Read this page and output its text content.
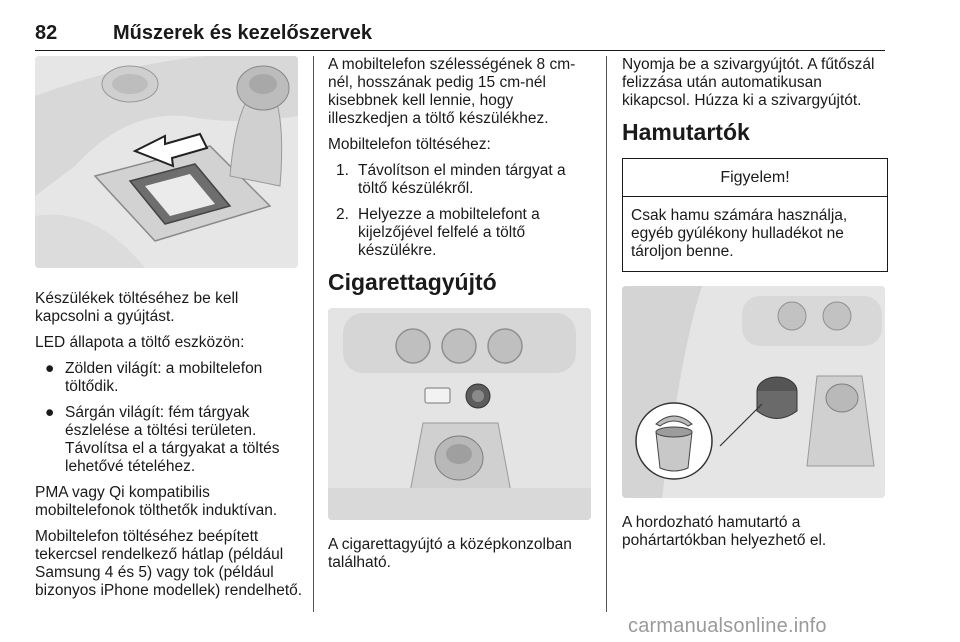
82	Műszerek és kezelőszervek

Készülékek töltéséhez be kell kapcsolni a gyújtást.

LED állapota a töltő eszközön:

● Zölden világít: a mobiltelefon töltődik.
● Sárgán világít: fém tárgyak észlelése a töltési területen. Távolítsa el a tárgyakat a töltés lehetővé tételéhez.

PMA vagy Qi kompatibilis mobiltelefonok tölthetők induktívan.

Mobiltelefon töltéséhez beépített tekercsel rendelkező hátlap (például Samsung 4 és 5) vagy tok (például bizonyos iPhone modellek) rendelhető.

A mobiltelefon szélességének 8 cm-nél, hosszának pedig 15 cm-nél kisebbnek kell lennie, hogy illeszkedjen a töltő készülékhez.

Mobiltelefon töltéséhez:

1. Távolítson el minden tárgyat a töltő készülékről.
2. Helyezze a mobiltelefont a kijelzőjével felfelé a töltő készülékre.
Cigarettagyújtó

A cigarettagyújtó a középkonzolban található.

Nyomja be a szivargyújtót. A fűtőszál felizzása után automatikusan kikapcsol. Húzza ki a szivargyújtót.

Hamutartók
Figyelem!
Csak hamu számára használja, egyéb gyúlékony hulladékot ne tároljon benne.

A hordozható hamutartó a pohártartókban helyezhető el.

carmanualsonline.info
